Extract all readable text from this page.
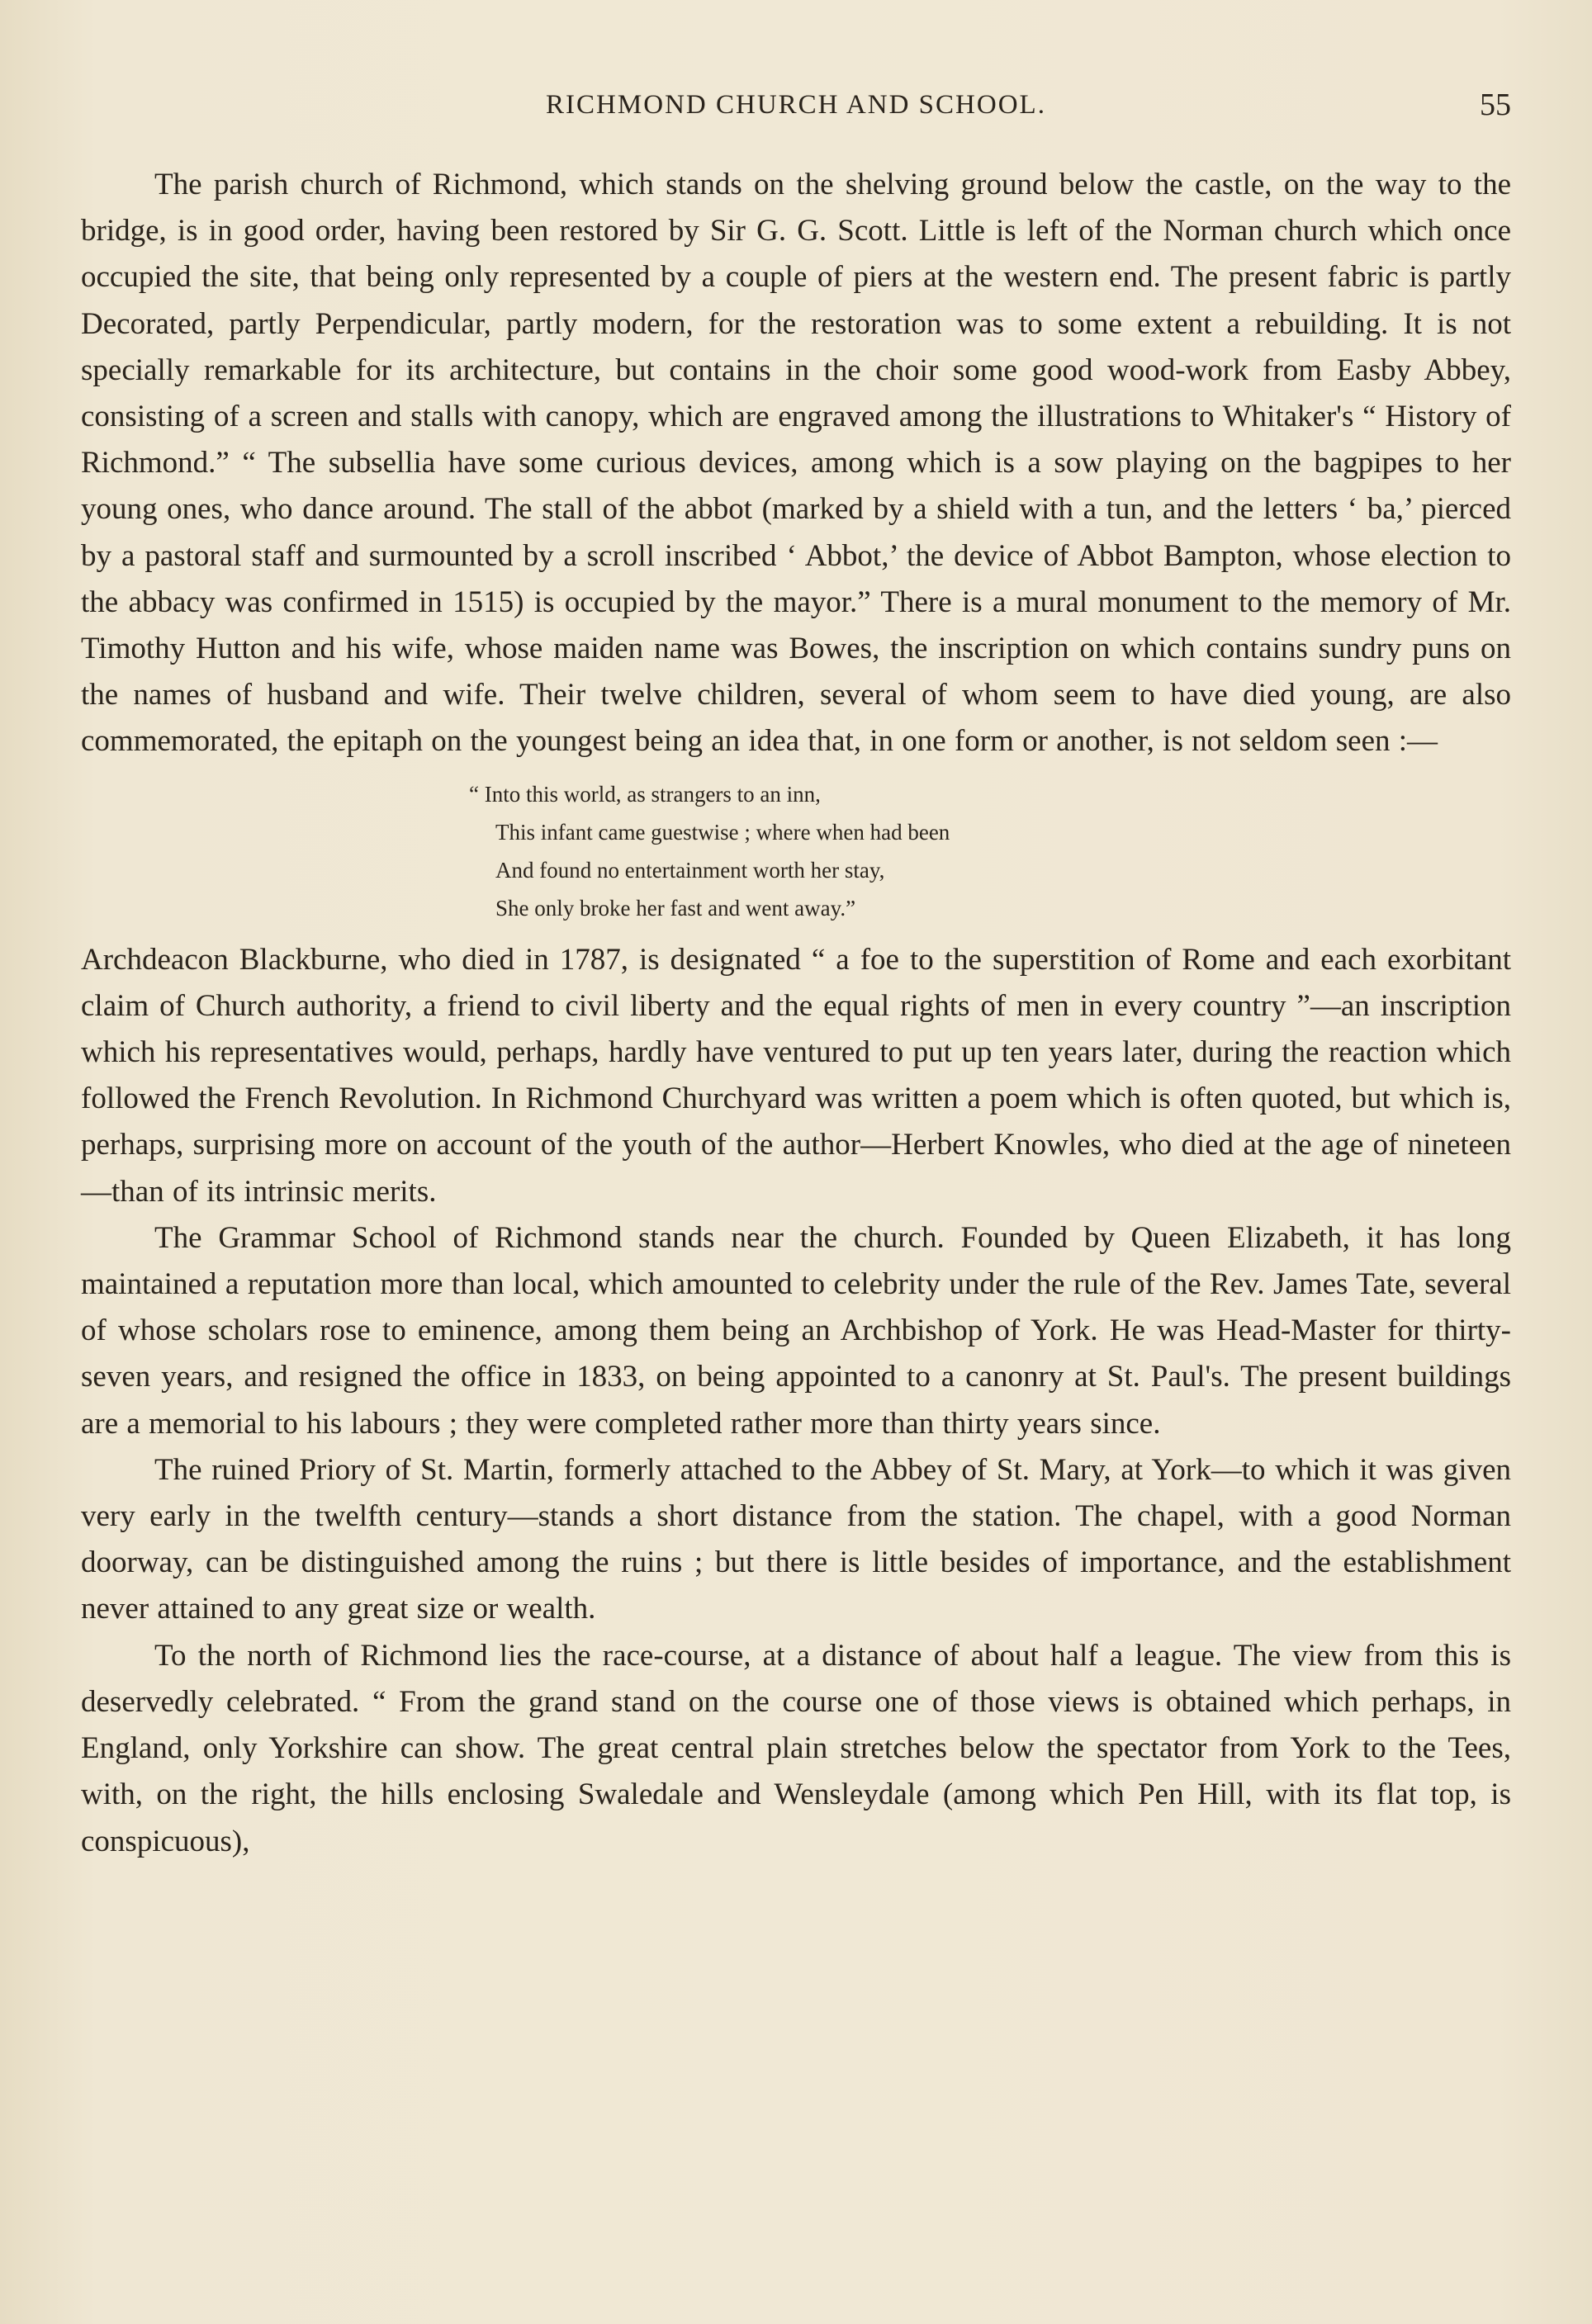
RICHMOND CHURCH AND SCHOOL.	55

The parish church of Richmond, which stands on the shelving ground below the castle, on the way to the bridge, is in good order, having been restored by Sir G. G. Scott. Little is left of the Norman church which once occupied the site, that being only represented by a couple of piers at the western end. The present fabric is partly Decorated, partly Perpendicular, partly modern, for the restoration was to some extent a rebuilding. It is not specially remarkable for its architecture, but contains in the choir some good wood-work from Easby Abbey, consisting of a screen and stalls with canopy, which are engraved among the illustrations to Whitaker's “ History of Richmond.” “ The subsellia have some curious devices, among which is a sow playing on the bagpipes to her young ones, who dance around. The stall of the abbot (marked by a shield with a tun, and the letters ‘ ba,’ pierced by a pastoral staff and surmounted by a scroll inscribed ‘ Abbot,’ the device of Abbot Bampton, whose election to the abbacy was confirmed in 1515) is occupied by the mayor.” There is a mural monument to the memory of Mr. Timothy Hutton and his wife, whose maiden name was Bowes, the inscription on which contains sundry puns on the names of husband and wife. Their twelve children, several of whom seem to have died young, are also commemorated, the epitaph on the youngest being an idea that, in one form or another, is not seldom seen :—

“ Into this world, as strangers to an inn,
This infant came guestwise ; where when had been
And found no entertainment worth her stay,
She only broke her fast and went away.”

Archdeacon Blackburne, who died in 1787, is designated “ a foe to the superstition of Rome and each exorbitant claim of Church authority, a friend to civil liberty and the equal rights of men in every country ”—an inscription which his representatives would, perhaps, hardly have ventured to put up ten years later, during the reaction which followed the French Revolution. In Richmond Churchyard was written a poem which is often quoted, but which is, perhaps, surprising more on account of the youth of the author—Herbert Knowles, who died at the age of nineteen—than of its intrinsic merits.

The Grammar School of Richmond stands near the church. Founded by Queen Elizabeth, it has long maintained a reputation more than local, which amounted to celebrity under the rule of the Rev. James Tate, several of whose scholars rose to eminence, among them being an Archbishop of York. He was Head-Master for thirty-seven years, and resigned the office in 1833, on being appointed to a canonry at St. Paul's. The present buildings are a memorial to his labours ; they were completed rather more than thirty years since.

The ruined Priory of St. Martin, formerly attached to the Abbey of St. Mary, at York—to which it was given very early in the twelfth century—stands a short distance from the station. The chapel, with a good Norman doorway, can be distinguished among the ruins ; but there is little besides of importance, and the establishment never attained to any great size or wealth.

To the north of Richmond lies the race-course, at a distance of about half a league. The view from this is deservedly celebrated. “ From the grand stand on the course one of those views is obtained which perhaps, in England, only Yorkshire can show. The great central plain stretches below the spectator from York to the Tees, with, on the right, the hills enclosing Swaledale and Wensleydale (among which Pen Hill, with its flat top, is conspicuous),
